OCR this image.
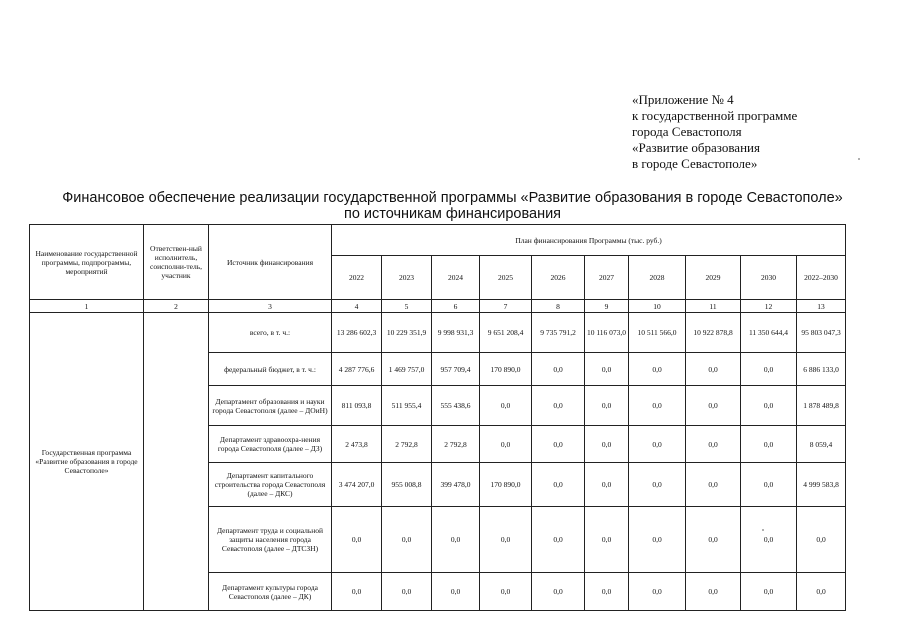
«Приложение № 4
к государственной программе
города Севастополя
«Развитие образования
в городе Севастополе»
Финансовое обеспечение реализации государственной программы «Развитие образования в городе Севастополе»
по источникам финансирования
Наименование государственной программы, подпрограммы, мероприятий	Ответствен-ный исполнитель, соисполни-тель, участник	Источник финансирования	План финансирования Программы (тыс. руб.)									
			2022	2023	2024	2025	2026	2027	2028	2029	2030	2022–2030
1	2	3	4	5	6	7	8	9	10	11	12	13
Государственная программа «Развитие образования в городе Севастополе»		всего, в т. ч.:	13 286 602,3	10 229 351,9	9 998 931,3	9 651 208,4	9 735 791,2	10 116 073,0	10 511 566,0	10 922 878,8	11 350 644,4	95 803 047,3
		федеральный бюджет, в т. ч.:	4 287 776,6	1 469 757,0	957 709,4	170 890,0	0,0	0,0	0,0	0,0	0,0	6 886 133,0
		Департамент образования и науки города Севастополя (далее – ДОиН)	811 093,8	511 955,4	555 438,6	0,0	0,0	0,0	0,0	0,0	0,0	1 878 489,8
		Департамент здравоохра-нения города Севастополя (далее – ДЗ)	2 473,8	2 792,8	2 792,8	0,0	0,0	0,0	0,0	0,0	0,0	8 059,4
		Департамент капитального строительства города Севастополя (далее – ДКС)	3 474 207,0	955 008,8	399 478,0	170 890,0	0,0	0,0	0,0	0,0	0,0	4 999 583,8
		Департамент труда и социальной защиты населения города Севастополя (далее – ДТСЗН)	0,0	0,0	0,0	0,0	0,0	0,0	0,0	0,0	0,0	0,0
		Департамент культуры города Севастополя (далее – ДК)	0,0	0,0	0,0	0,0	0,0	0,0	0,0	0,0	0,0	0,0
